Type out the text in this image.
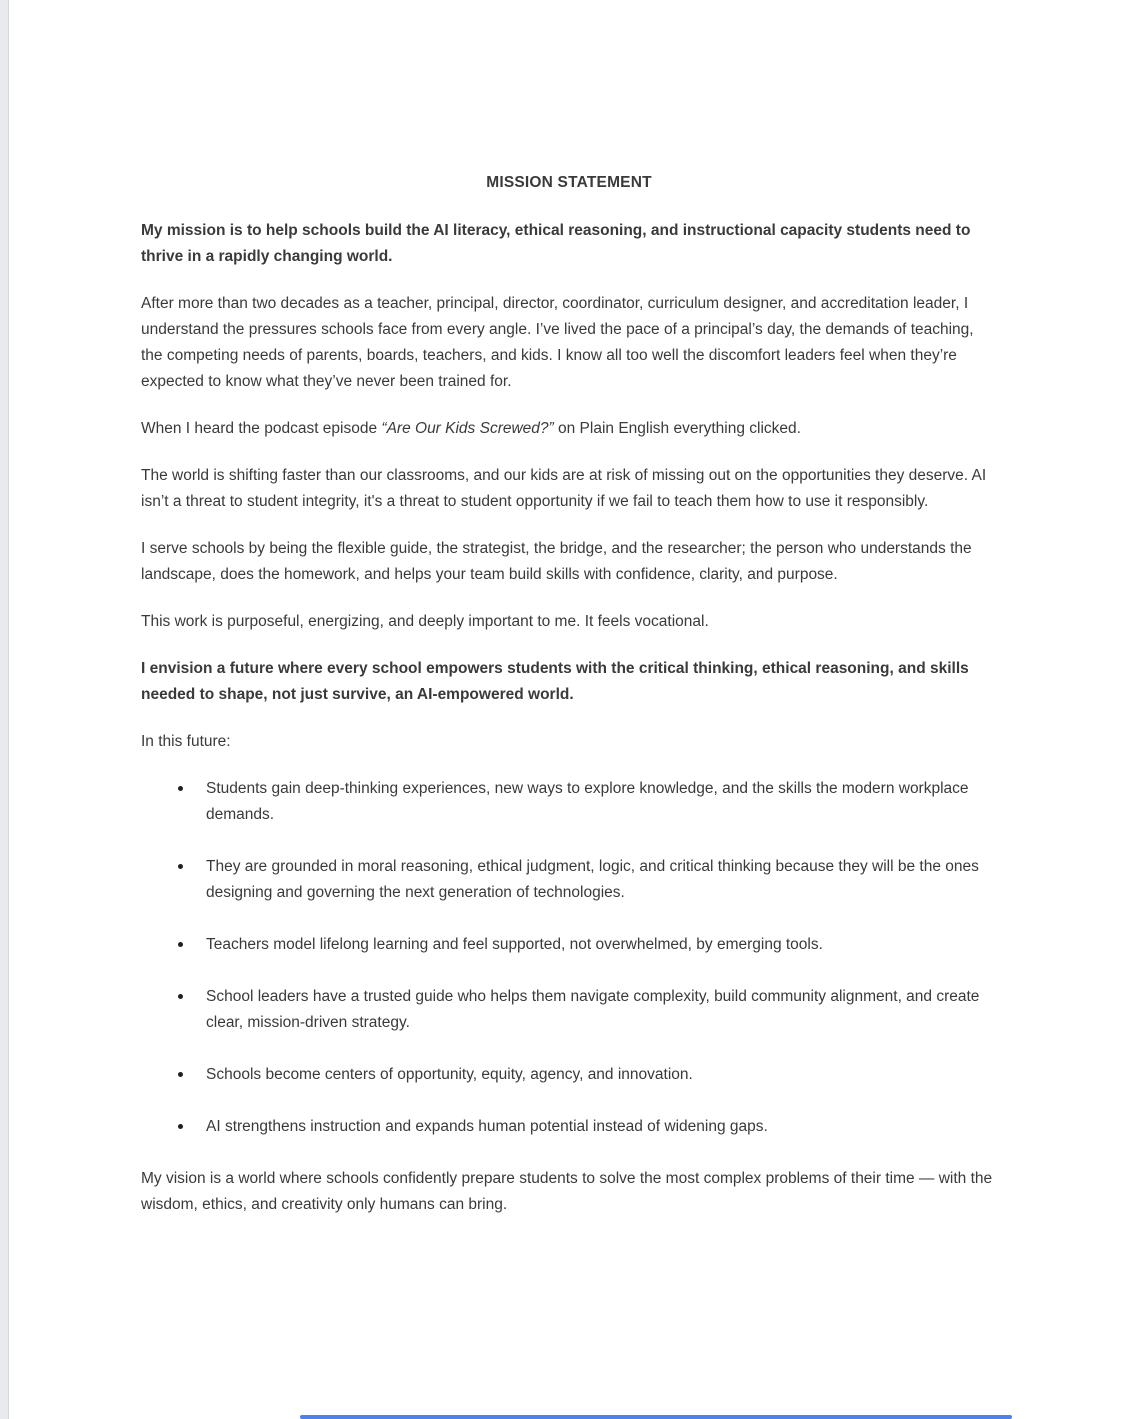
MISSION STATEMENT

My mission is to help schools build the AI literacy, ethical reasoning, and instructional capacity students need to thrive in a rapidly changing world.

After more than two decades as a teacher, principal, director, coordinator, curriculum designer, and accreditation leader, I understand the pressures schools face from every angle. I’ve lived the pace of a principal’s day, the demands of teaching, the competing needs of parents, boards, teachers, and kids. I know all too well the discomfort leaders feel when they’re expected to know what they’ve never been trained for.

When I heard the podcast episode “Are Our Kids Screwed?” on Plain English everything clicked.

The world is shifting faster than our classrooms, and our kids are at risk of missing out on the opportunities they deserve. AI isn’t a threat to student integrity, it's a threat to student opportunity if we fail to teach them how to use it responsibly.

I serve schools by being the flexible guide, the strategist, the bridge, and the researcher; the person who understands the landscape, does the homework, and helps your team build skills with confidence, clarity, and purpose.

This work is purposeful, energizing, and deeply important to me. It feels vocational.

I envision a future where every school empowers students with the critical thinking, ethical reasoning, and skills needed to shape, not just survive, an AI-empowered world.

In this future:

Students gain deep-thinking experiences, new ways to explore knowledge, and the skills the modern workplace demands.
They are grounded in moral reasoning, ethical judgment, logic, and critical thinking because they will be the ones designing and governing the next generation of technologies.
Teachers model lifelong learning and feel supported, not overwhelmed, by emerging tools.
School leaders have a trusted guide who helps them navigate complexity, build community alignment, and create clear, mission-driven strategy.
Schools become centers of opportunity, equity, agency, and innovation.
AI strengthens instruction and expands human potential instead of widening gaps.

My vision is a world where schools confidently prepare students to solve the most complex problems of their time — with the wisdom, ethics, and creativity only humans can bring.
